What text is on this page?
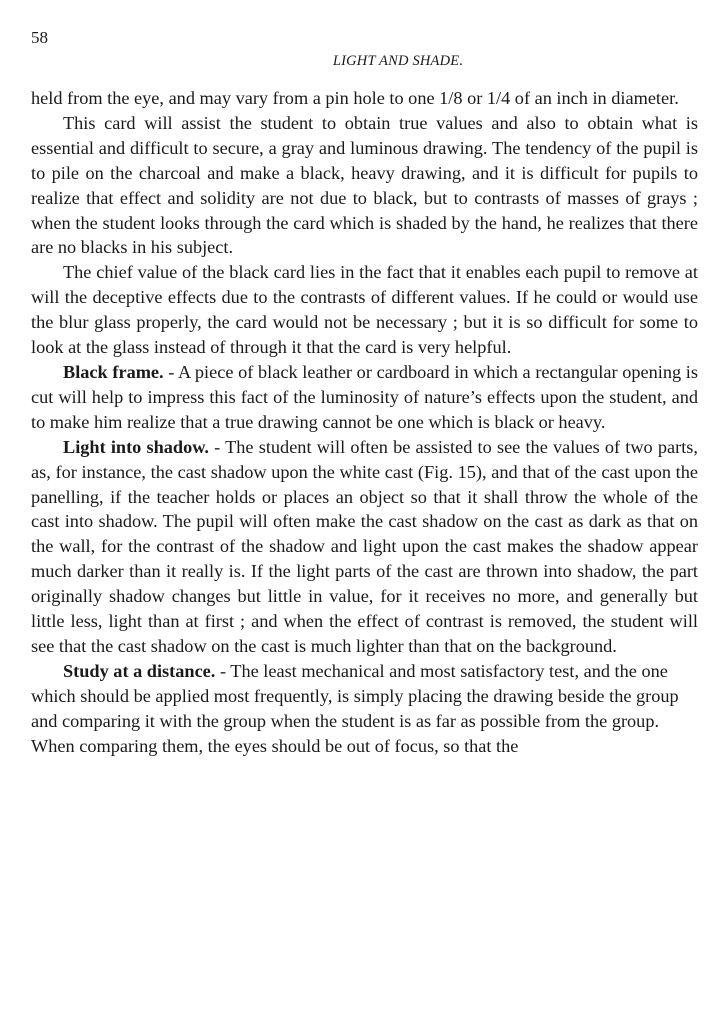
58
LIGHT AND SHADE.

held from the eye, and may vary from a pin hole to one 1/8 or 1/4 of an inch in diameter.

This card will assist the student to obtain true values and also to obtain what is essential and difficult to secure, a gray and luminous drawing. The tendency of the pupil is to pile on the charcoal and make a black, heavy drawing, and it is difficult for pupils to realize that effect and solidity are not due to black, but to contrasts of masses of grays ; when the student looks through the card which is shaded by the hand, he realizes that there are no blacks in his subject.

The chief value of the black card lies in the fact that it enables each pupil to remove at will the deceptive effects due to the contrasts of different values. If he could or would use the blur glass properly, the card would not be necessary ; but it is so difficult for some to look at the glass instead of through it that the card is very helpful.

Black frame. - A piece of black leather or cardboard in which a rectangular opening is cut will help to impress this fact of the luminosity of nature’s effects upon the student, and to make him realize that a true drawing cannot be one which is black or heavy.

Light into shadow. - The student will often be assisted to see the values of two parts, as, for instance, the cast shadow upon the white cast (Fig. 15), and that of the cast upon the panelling, if the teacher holds or places an object so that it shall throw the whole of the cast into shadow. The pupil will often make the cast shadow on the cast as dark as that on the wall, for the contrast of the shadow and light upon the cast makes the shadow appear much darker than it really is. If the light parts of the cast are thrown into shadow, the part originally shadow changes but little in value, for it receives no more, and generally but little less, light than at first ; and when the effect of contrast is removed, the student will see that the cast shadow on the cast is much lighter than that on the background.

Study at a distance. - The least mechanical and most satisfactory test, and the one which should be applied most frequently, is simply placing the drawing beside the group and comparing it with the group when the student is as far as possible from the group. When comparing them, the eyes should be out of focus, so that the
